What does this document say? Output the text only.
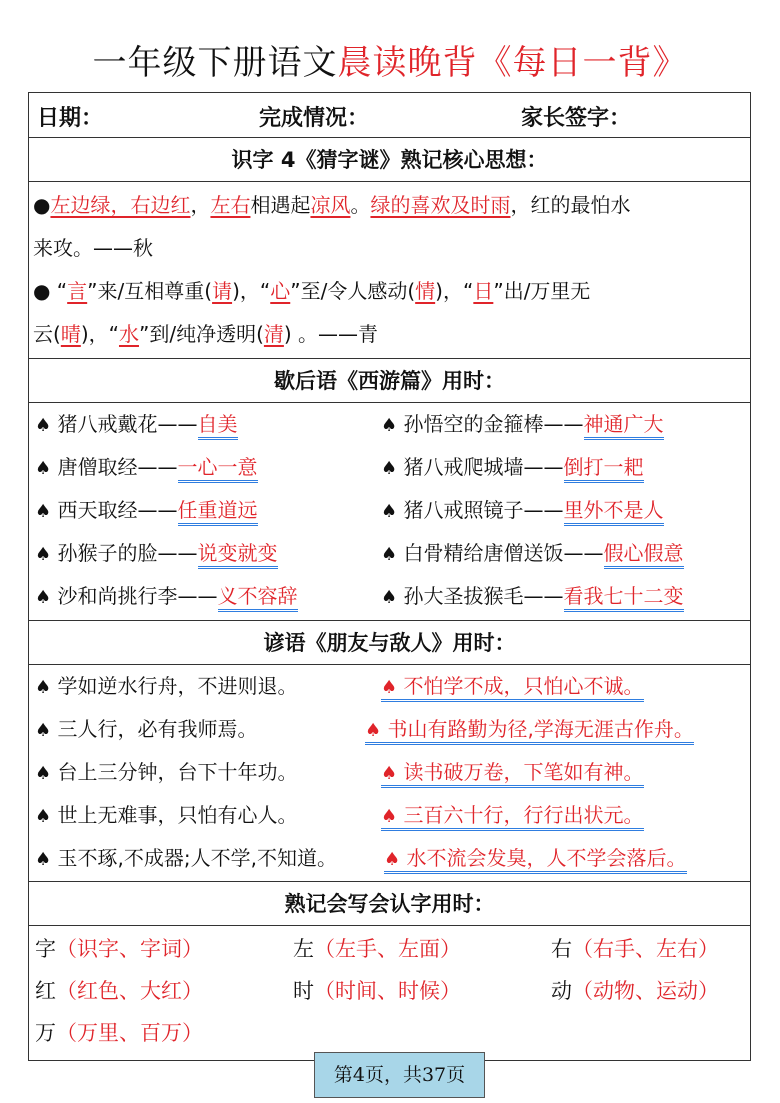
一年级下册语文晨读晚背《每日一背》
日期：	完成情况：	家长签字：
识字 4《猜字谜》熟记核心思想：
●左边绿，右边红，左右相遇起凉风。绿的喜欢及时雨，红的最怕水
来攻。——秋
● “言”来/互相尊重(请)，“心”至/令人感动(情)，“日”出/万里无
云(晴)，“水”到/纯净透明(清) 。——青
歇后语《西游篇》用时：
♠ 猪八戒戴花——自美	♠ 孙悟空的金箍棒——神通广大
♠ 唐僧取经——一心一意	♠ 猪八戒爬城墙——倒打一耙
♠ 西天取经——任重道远	♠ 猪八戒照镜子——里外不是人
♠ 孙猴子的脸——说变就变	♠ 白骨精给唐僧送饭——假心假意
♠ 沙和尚挑行李——义不容辞	♠ 孙大圣拔猴毛——看我七十二变
谚语《朋友与敌人》用时：
♠ 学如逆水行舟，不进则退。	♠ 不怕学不成，只怕心不诚。
♠ 三人行，必有我师焉。	♠ 书山有路勤为径,学海无涯古作舟。
♠ 台上三分钟，台下十年功。	♠ 读书破万卷，下笔如有神。
♠ 世上无难事，只怕有心人。	♠ 三百六十行，行行出状元。
♠ 玉不琢,不成器;人不学,不知道。	♠ 水不流会发臭，人不学会落后。
熟记会写会认字用时：
字（识字、字词）	左（左手、左面）	右（右手、左右）
红（红色、大红）	时（时间、时候）	动（动物、运动）
万（万里、百万）
第4页，共37页
